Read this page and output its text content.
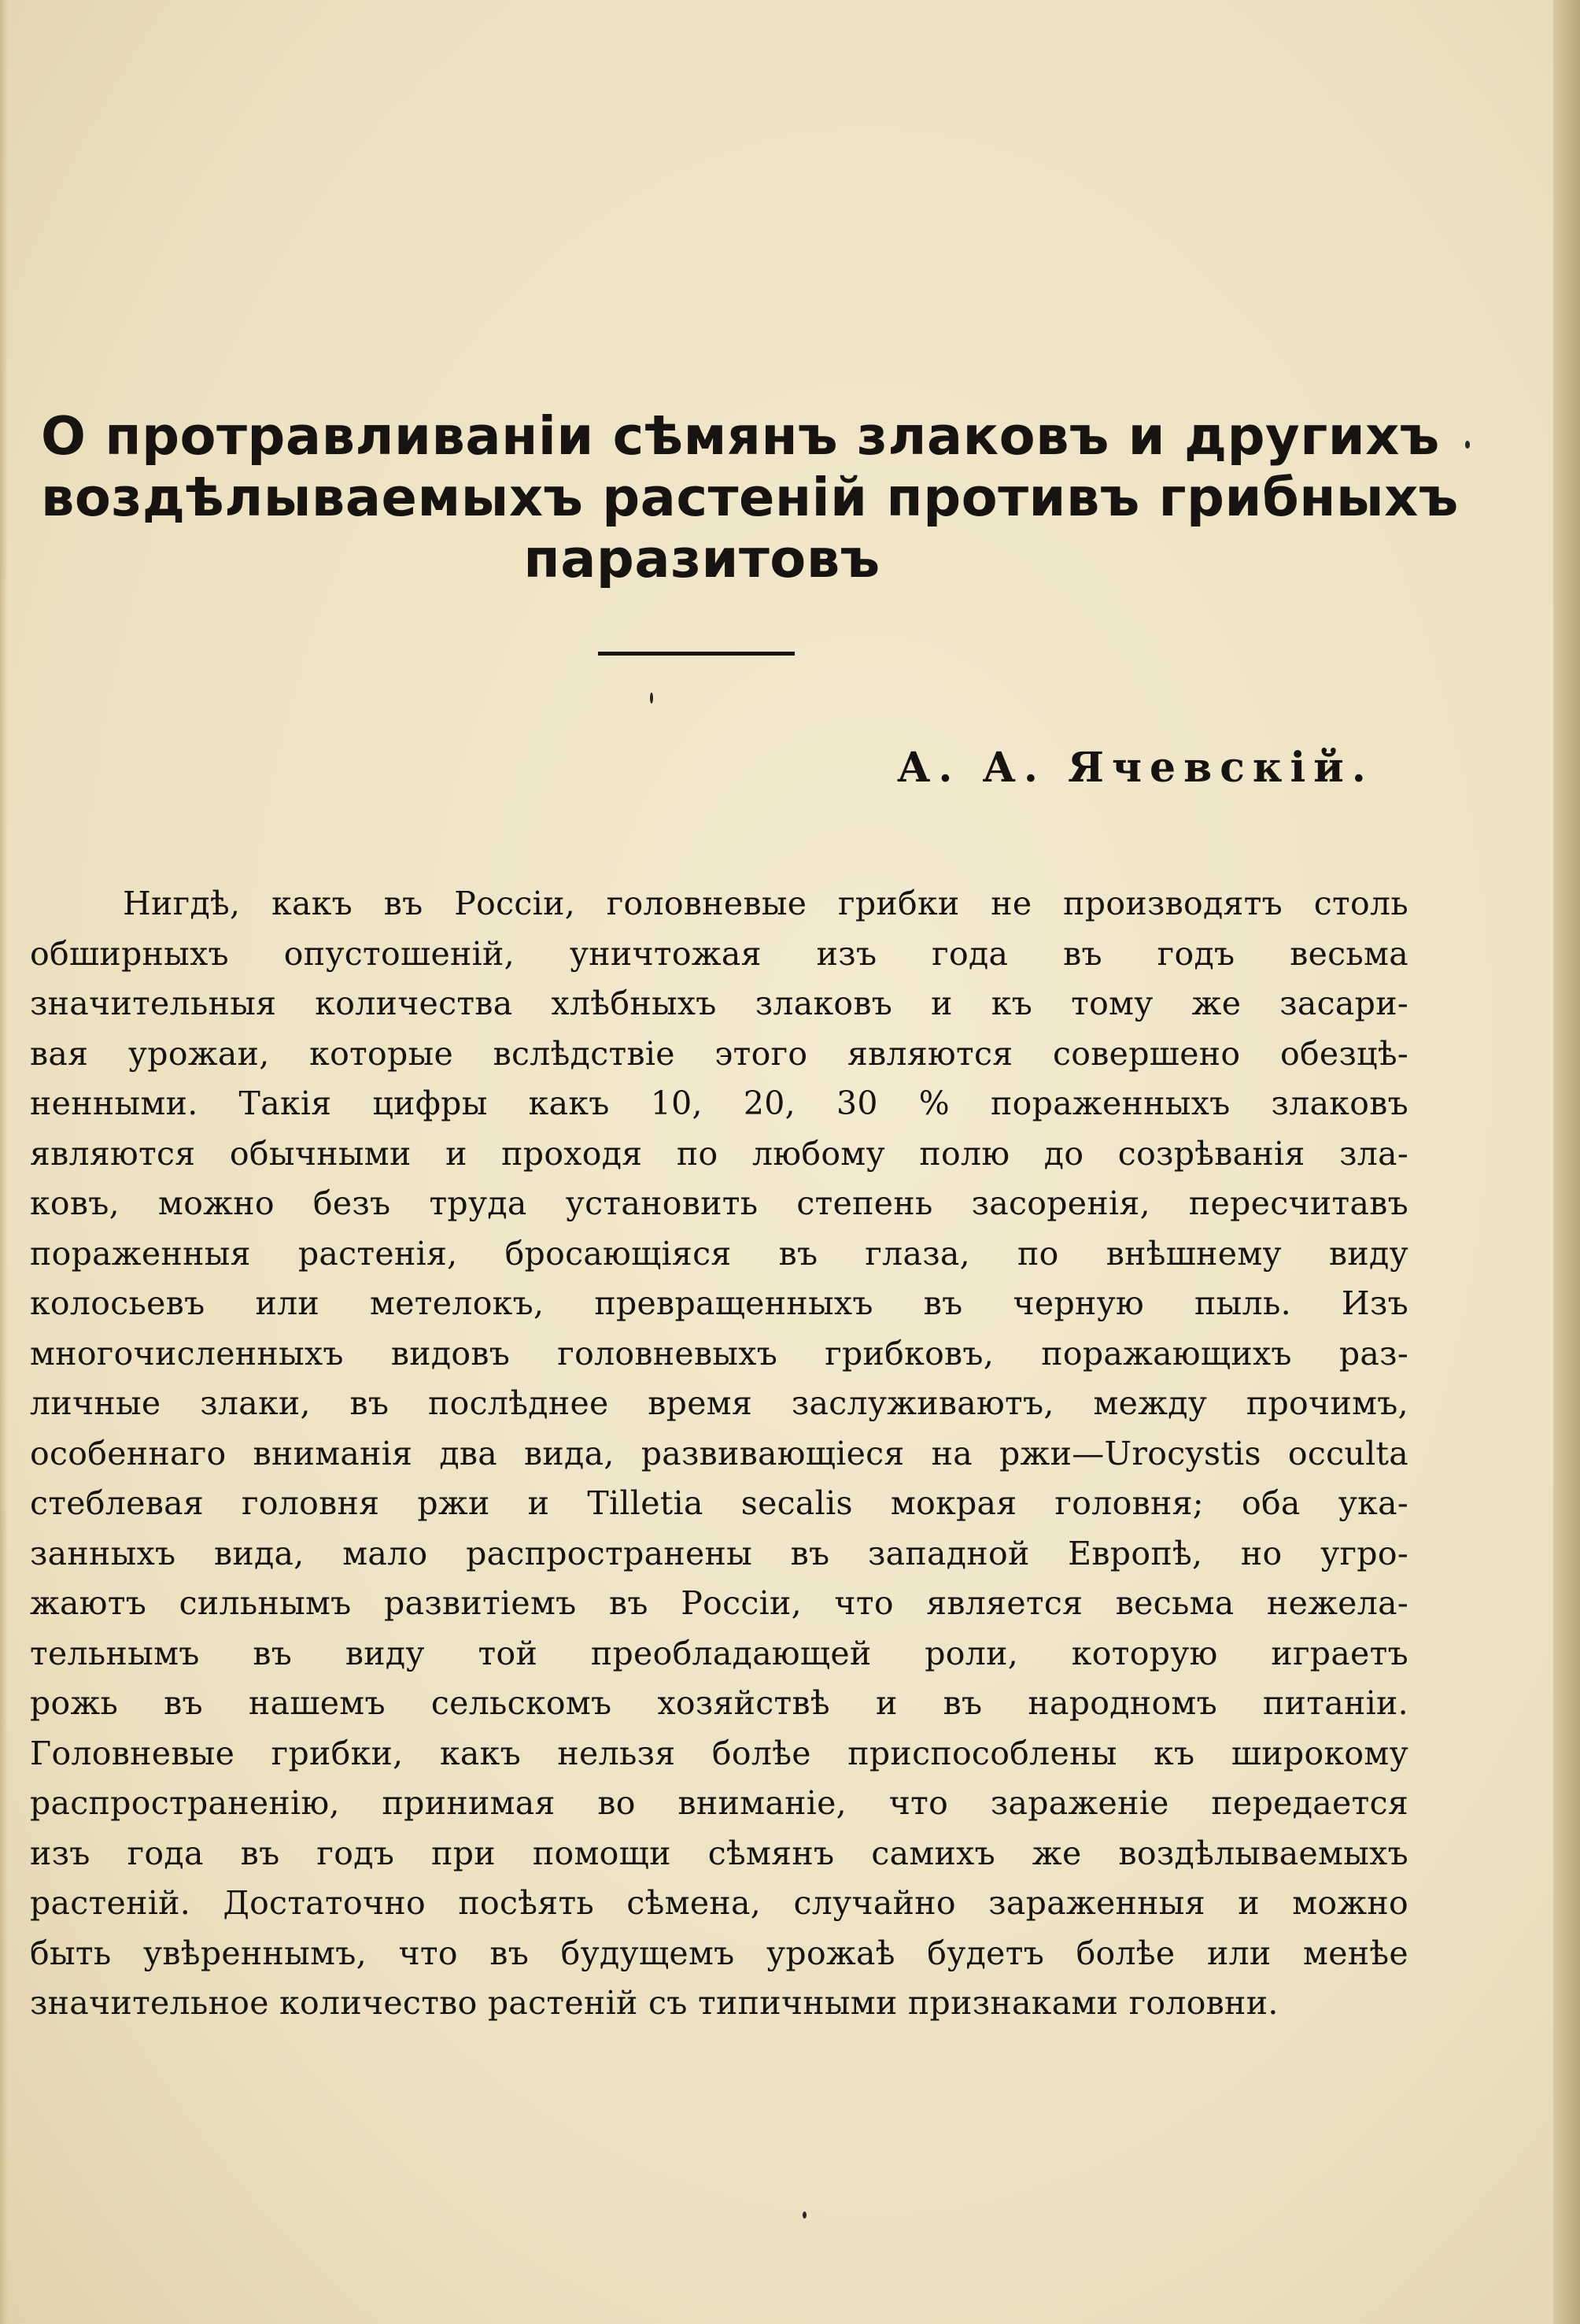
О протравливаніи сѣмянъ злаковъ и другихъ
воздѣлываемыхъ растеній противъ грибныхъ
паразитовъ

А. А. Ячевскій.

Нигдѣ, какъ въ Россіи, головневые грибки не производятъ столь
обширныхъ опустошеній, уничтожая изъ года въ годъ весьма
значительныя количества хлѣбныхъ злаковъ и къ тому же засари-
вая урожаи, которые вслѣдствіе этого являются совершено обезцѣ-
ненными. Такія цифры какъ 10, 20, 30 % пораженныхъ злаковъ
являются обычными и проходя по любому полю до созрѣванія зла-
ковъ, можно безъ труда установить степень засоренія, пересчитавъ
пораженныя растенія, бросающіяся въ глаза, по внѣшнему виду
колосьевъ или метелокъ, превращенныхъ въ черную пыль. Изъ
многочисленныхъ видовъ головневыхъ грибковъ, поражающихъ раз-
личные злаки, въ послѣднее время заслуживаютъ, между прочимъ,
особеннаго вниманія два вида, развивающіеся на ржи—Urocystis occulta
стеблевая головня ржи и Tilletia secalis мокрая головня; оба ука-
занныхъ вида, мало распространены въ западной Европѣ, но угро-
жаютъ сильнымъ развитіемъ въ Россіи, что является весьма нежела-
тельнымъ въ виду той преобладающей роли, которую играетъ
рожь въ нашемъ сельскомъ хозяйствѣ и въ народномъ питаніи.
Головневые грибки, какъ нельзя болѣе приспособлены къ широкому
распространенію, принимая во вниманіе, что зараженіе передается
изъ года въ годъ при помощи сѣмянъ самихъ же воздѣлываемыхъ
растеній. Достаточно посѣять сѣмена, случайно зараженныя и можно
быть увѣреннымъ, что въ будущемъ урожаѣ будетъ болѣе или менѣе
значительное количество растеній съ типичными признаками головни.
